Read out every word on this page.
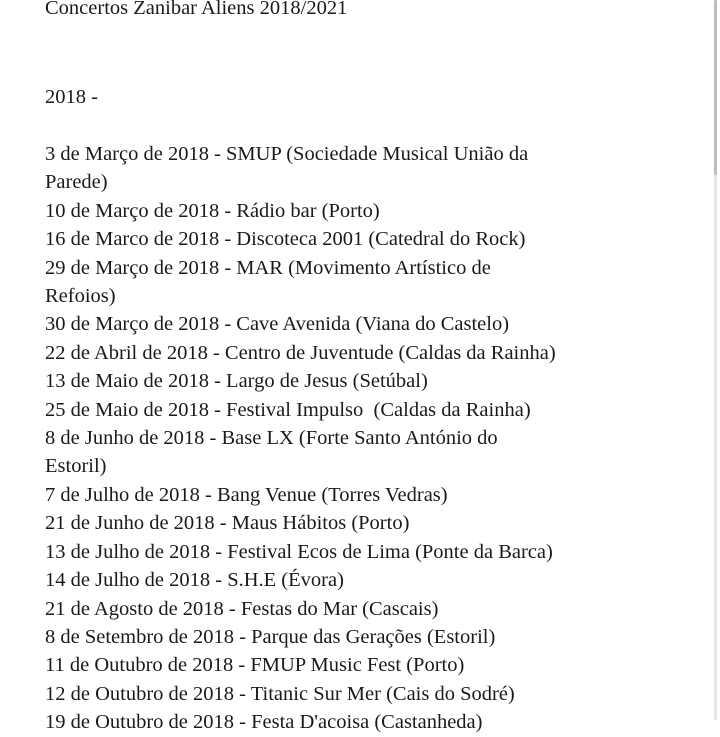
Concertos Zanibar Aliens 2018/2021
2018 -
3 de Março de 2018 - SMUP (Sociedade Musical União da
Parede)
10 de Março de 2018 - Rádio bar (Porto)
16 de Marco de 2018 - Discoteca 2001 (Catedral do Rock)
29 de Março de 2018 - MAR (Movimento Artístico de
Refoios)
30 de Março de 2018 - Cave Avenida (Viana do Castelo)
22 de Abril de 2018 - Centro de Juventude (Caldas da Rainha)
13 de Maio de 2018 - Largo de Jesus (Setúbal)
25 de Maio de 2018 - Festival Impulso  (Caldas da Rainha)
8 de Junho de 2018 - Base LX (Forte Santo António do
Estoril)
7 de Julho de 2018 - Bang Venue (Torres Vedras)
21 de Junho de 2018 - Maus Hábitos (Porto)
13 de Julho de 2018 - Festival Ecos de Lima (Ponte da Barca)
14 de Julho de 2018 - S.H.E (Évora)
21 de Agosto de 2018 - Festas do Mar (Cascais)
8 de Setembro de 2018 - Parque das Gerações (Estoril)
11 de Outubro de 2018 - FMUP Music Fest (Porto)
12 de Outubro de 2018 - Titanic Sur Mer (Cais do Sodré)
19 de Outubro de 2018 - Festa D'acoisa (Castanheda)
